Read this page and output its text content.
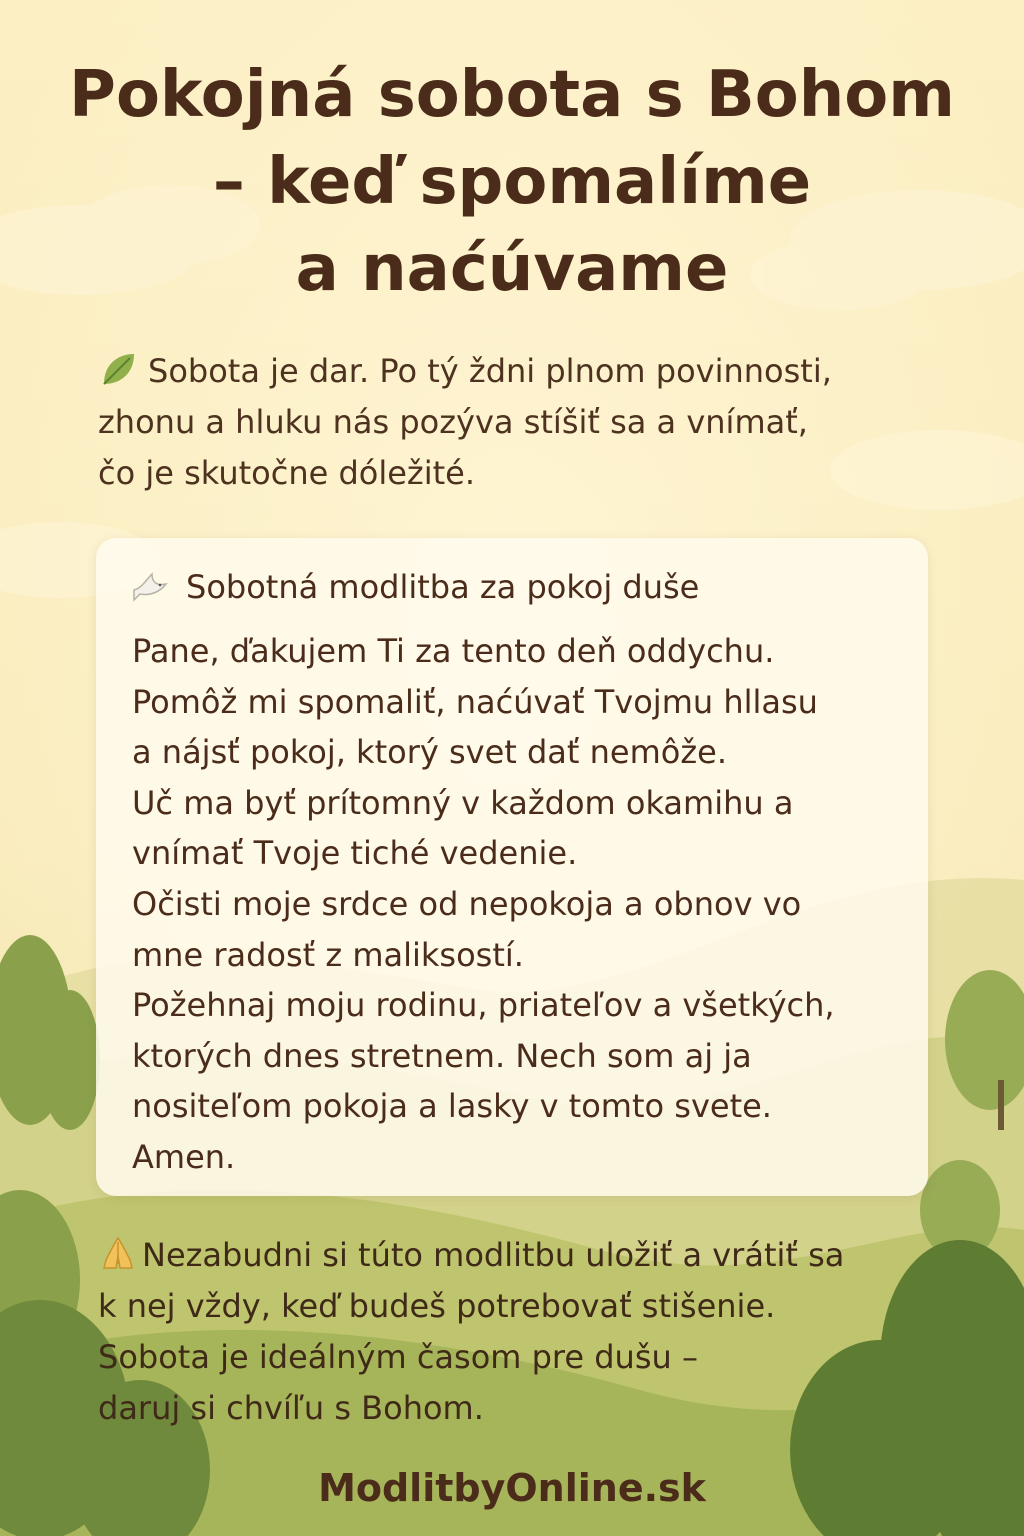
Pokojná sobota s Bohom
– keď spomalíme
a naćúvame
Sobota je dar. Po tý ždni plnom povinnosti,
zhonu a hluku nás pozýva stíšiť sa a vnímať,
čo je skutočne dóležité.
Sobotná modlitba za pokoj duše
Pane, ďakujem Ti za tento deň oddychu.
Pomôž mi spomaliť, naćúvať Tvojmu hllasu
a nájsť pokoj, ktorý svet dať nemôže.
Uč ma byť prítomný v každom okamihu a
vnímať Tvoje tiché vedenie.
Očisti moje srdce od nepokoja a obnov vo
mne radosť z maliksostí.
Požehnaj moju rodinu, priateľov a všetkých,
ktorých dnes stretnem. Nech som aj ja
nositeľom pokoja a lasky v tomto svete.
Amen.
Nezabudni si túto modlitbu uložiť a vrátiť sa
k nej vždy, keď budeš potrebovať stišenie.
Sobota je ideálným časom pre dušu –
daruj si chvíľu s Bohom.
ModlitbyOnline.sk
